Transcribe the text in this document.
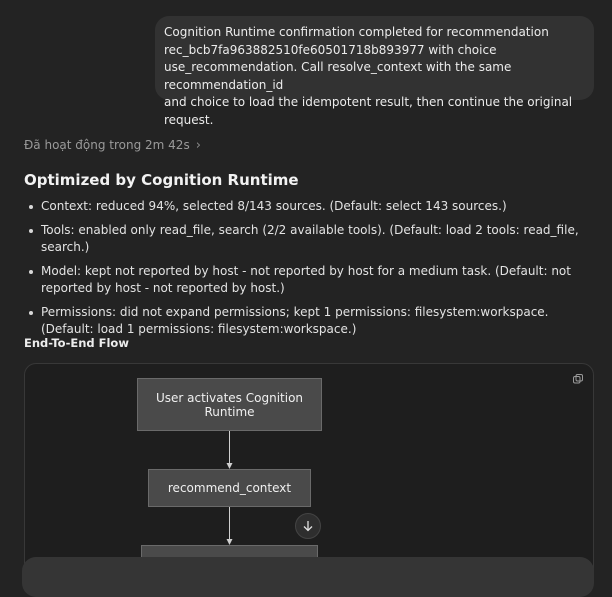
Cognition Runtime confirmation completed for recommendation
rec_bcb7fa963882510fe60501718b893977 with choice
use_recommendation. Call resolve_context with the same recommendation_id
and choice to load the idempotent result, then continue the original request.
Đã hoạt động trong 2m 42s ›
Optimized by Cognition Runtime
Context: reduced 94%, selected 8/143 sources. (Default: select 143 sources.)
Tools: enabled only read_file, search (2/2 available tools). (Default: load 2 tools: read_file, search.)
Model: kept not reported by host - not reported by host for a medium task. (Default: not reported by host - not reported by host.)
Permissions: did not expand permissions; kept 1 permissions: filesystem:workspace. (Default: load 1 permissions: filesystem:workspace.)
End-To-End Flow
User activates Cognition Runtime
recommend_context
